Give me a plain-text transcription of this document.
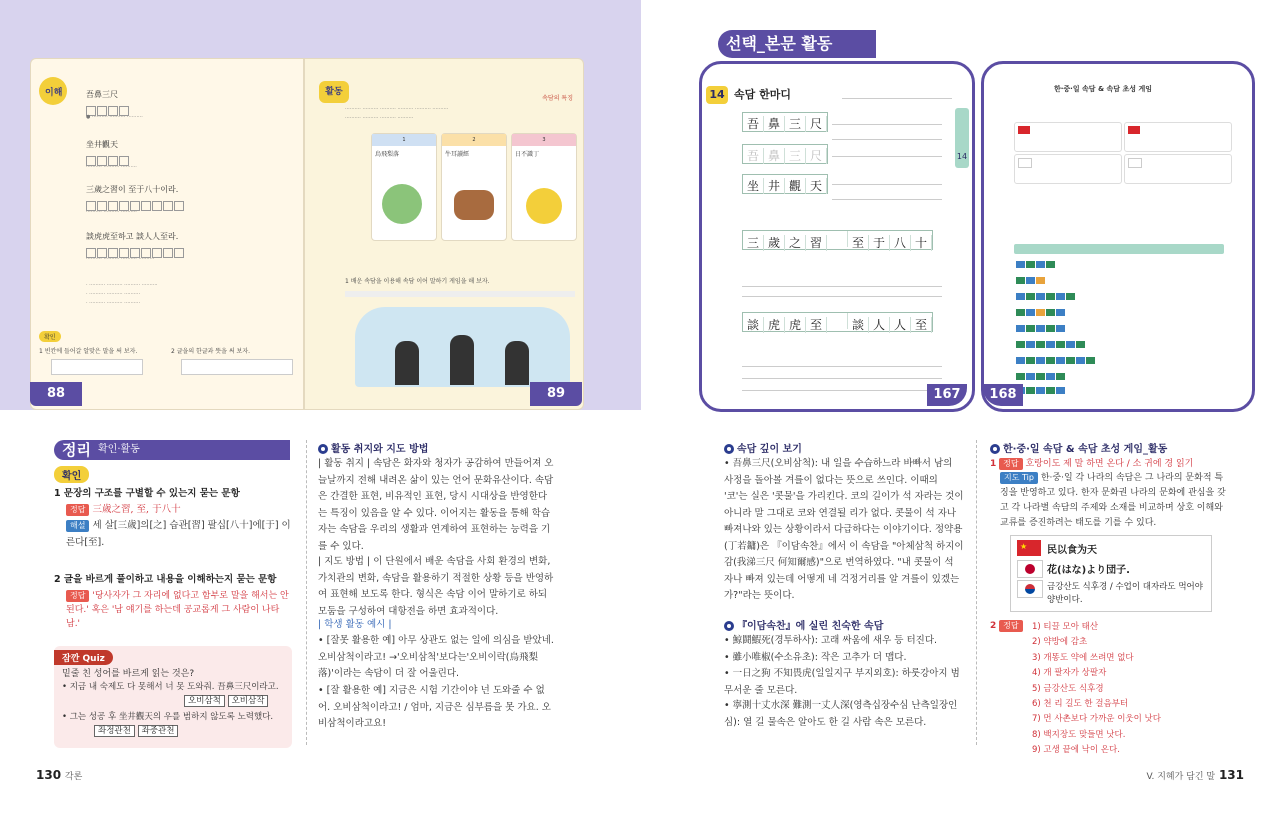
이해	吾鼻三尺
● ·········· ·········· ··········
坐井觀天
·········· ·········· ··········
三歲之習이 至于八十이라.
·········· ·········· ··········
談虎虎至하고 談人人至라.
·········· ·········· ·········· ··········
· ·········· ·········· ·········· ··········
· ·········· ·········· ··········
· ·········· ·········· ··········
확인
1 빈칸에 들어갈 알맞은 말을 써 보자.	2 글을의 한글과 뜻을 써 보자.
활동
속담의 특징
·········· ·········· ·········· ·········· ·········· ··········
·········· ·········· ·········· ··········
1
烏飛梨落
2
牛耳讀經
3
日不識丁
1 배운 속담을 이용해 속담 이어 말하기 게임을 해 보자.
88	89
선택_본문 활동
14 속담 한마디
吾 鼻 三 尺
吾 鼻 三 尺
坐 井 觀 天
三 歲 之 習 至 于 八 十
談 虎 虎 至 談 人 人 至
14
167
한·중·일 속담 & 속담 초성 게임
168
정리 확인·활동
확인
1 문장의 구조를 구별할 수 있는지 묻는 문항
정답 三歲之習, 至, 于八十
해설 세 살[三歲]의[之] 습관[習] 팔십[八十]에[于] 이른다[至].
2 글을 바르게 풀이하고 내용을 이해하는지 묻는 문항
정답 '당사자가 그 자리에 없다고 함부로 말을 해서는 안 된다.' 혹은 '남 얘기를 하는데 공교롭게 그 사람이 나타남.'
잠깐 Quiz
밑줄 친 성어를 바르게 읽는 것은?
• 지금 내 숙제도 다 못해서 너 못 도와줘. 吾鼻三尺이라고.
오비삼척 오비삼작
• 그는 성공 후 坐井觀天의 우를 범하지 않도록 노력했다.
좌정관천 좌중관천
활동 취지와 지도 방법
| 활동 취지 | 속담은 화자와 청자가 공감하여 만들어져 오늘날까지 전해 내려온 삶이 있는 언어 문화유산이다. 속담은 간결한 표현, 비유적인 표현, 당시 시대상을 반영한다는 특징이 있음을 알 수 있다. 이어지는 활동을 통해 학습자는 속담을 우리의 생활과 연계하여 표현하는 능력을 기를 수 있다.
| 지도 방법 | 이 단원에서 배운 속담을 사회 환경의 변화, 가치관의 변화, 속담을 활용하기 적절한 상황 등을 반영하여 표현해 보도록 한다. 형식은 속담 이어 말하기로 하되 모둠을 구성하여 대항전을 하면 효과적이다.
| 학생 활동 예시 |
• [잘못 활용한 예] 아무 상관도 없는 일에 의심을 받았네. 오비삼척이라고! →'오비삼척'보다는'오비이락(烏飛梨落)'이라는 속담이 더 잘 어울린다.
• [잘 활용한 예] 지금은 시험 기간이야 넌 도와줄 수 없어. 오비삼척이라고! / 엄마, 지금은 심부름을 못 가요. 오비삼척이라고요!
속담 깊이 보기
• 吾鼻三尺(오비삼척): 내 일을 수습하느라 바빠서 남의 사정을 돌아볼 겨를이 없다는 뜻으로 쓰인다. 이때의 '코'는 실은 '콧물'을 가리킨다. 코의 길이가 석 자라는 것이 아니라 말 그대로 코와 연결될 리가 없다. 콧물이 석 자나 빠져나와 있는 상황이라서 다급하다는 이야기이다. 정약용(丁若鏞)은 『이담속찬』에서 이 속담을 "아체삼척 하지이감(我涕三尺 何知爾感)"으로 번역하였다. "내 콧물이 석 자나 빠져 있는데 어떻게 네 걱정거리를 알 겨를이 있겠는가?"라는 뜻이다.
『이담속찬』에 실린 친숙한 속담
• 鯨鬪鰕死(경투하사): 고래 싸움에 새우 등 터진다.
• 雖小唯椒(수소유초): 작은 고추가 더 맵다.
• 一日之狗 不知畏虎(일일지구 부지외호): 하룻강아지 범 무서운 줄 모른다.
• 寧測十丈水深 難測一丈人深(영측십장수심 난측일장인심): 열 길 물속은 알아도 한 길 사람 속은 모른다.
한·중·일 속담 & 속담 초성 게임_활동
1 정답 호랑이도 제 말 하면 온다 / 소 귀에 경 읽기
지도 Tip 한·중·일 각 나라의 속담은 그 나라의 문화적 특징을 반영하고 있다. 한자 문화권 나라의 문화에 관심을 갖고 각 나라별 속담의 주제와 소재를 비교하며 상호 이해와 교류를 증진하려는 태도를 기를 수 있다.
★ 民以食为天
花(はな)より団子.
금강산도 식후경 / 수업이 대자라도 먹어야 양반이다.
2 정답	1) 티끌 모아 태산
2) 약방에 감초
3) 개똥도 약에 쓰려면 없다
4) 개 팔자가 상팔자
5) 금강산도 식후경
6) 천 리 길도 한 걸음부터
7) 먼 사촌보다 가까운 이웃이 낫다
8) 백지장도 맞들면 낫다.
9) 고생 끝에 낙이 온다.
130 각론	V. 지혜가 담긴 말 131
